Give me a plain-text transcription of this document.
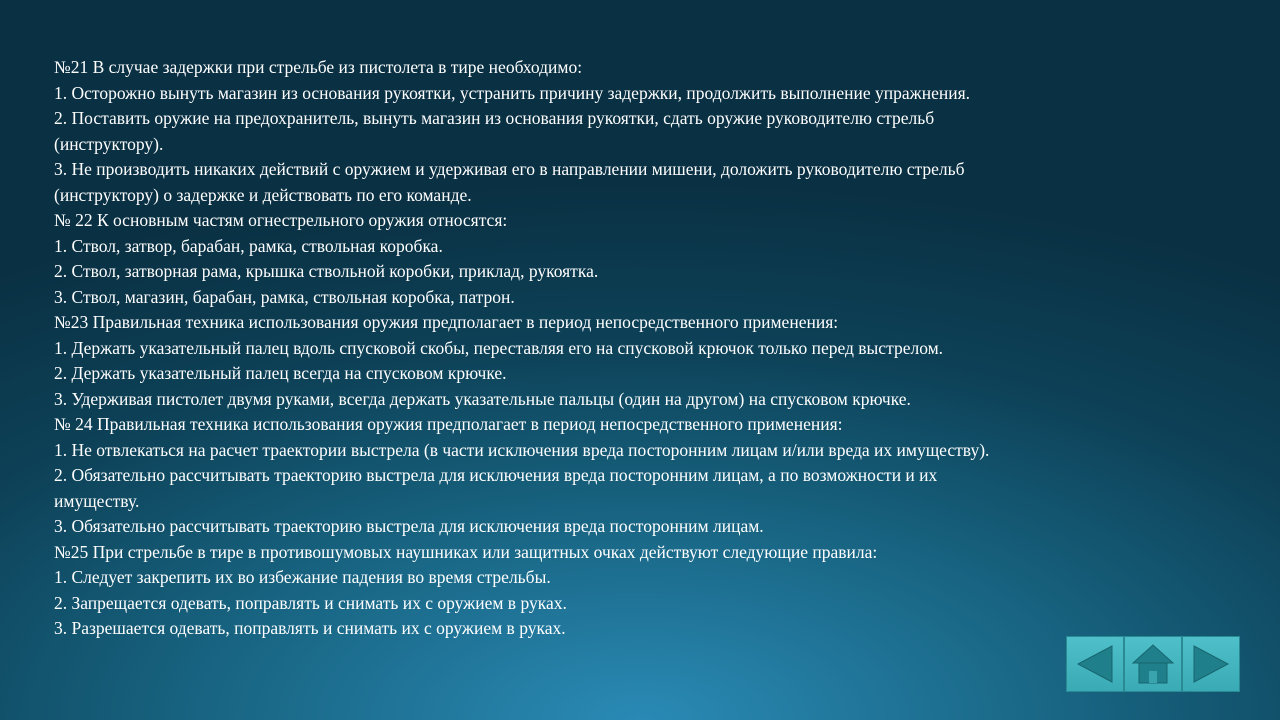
№21 В случае задержки при стрельбе из пистолета в тире необходимо:
1. Осторожно вынуть магазин из основания рукоятки, устранить причину задержки, продолжить выполнение упражнения.
2. Поставить оружие на предохранитель, вынуть магазин из основания рукоятки, сдать оружие руководителю стрельб
(инструктору).
3. Не производить никаких действий с оружием и удерживая его в направлении мишени, доложить руководителю стрельб
(инструктору) о задержке и действовать по его команде.
№ 22 К основным частям огнестрельного оружия относятся:
1. Ствол, затвор, барабан, рамка, ствольная коробка.
2. Ствол, затворная рама, крышка ствольной коробки, приклад, рукоятка.
3. Ствол, магазин, барабан, рамка, ствольная коробка, патрон.
№23 Правильная техника использования оружия предполагает в период непосредственного применения:
1. Держать указательный палец вдоль спусковой скобы, переставляя его на спусковой крючок только перед выстрелом.
2. Держать указательный палец всегда на спусковом крючке.
3. Удерживая пистолет двумя руками, всегда держать указательные пальцы (один на другом) на спусковом крючке.
№ 24 Правильная техника использования оружия предполагает в период непосредственного применения:
1. Не отвлекаться на расчет траектории выстрела (в части исключения вреда посторонним лицам и/или вреда их имуществу).
2. Обязательно рассчитывать траекторию выстрела для исключения вреда посторонним лицам, а по возможности и их
имуществу.
3. Обязательно рассчитывать траекторию выстрела для исключения вреда посторонним лицам.
№25 При стрельбе в тире в противошумовых наушниках или защитных очках действуют следующие правила:
1. Следует закрепить их во избежание падения во время стрельбы.
2. Запрещается одевать, поправлять и снимать их с оружием в руках.
3. Разрешается одевать, поправлять и снимать их с оружием в руках.
